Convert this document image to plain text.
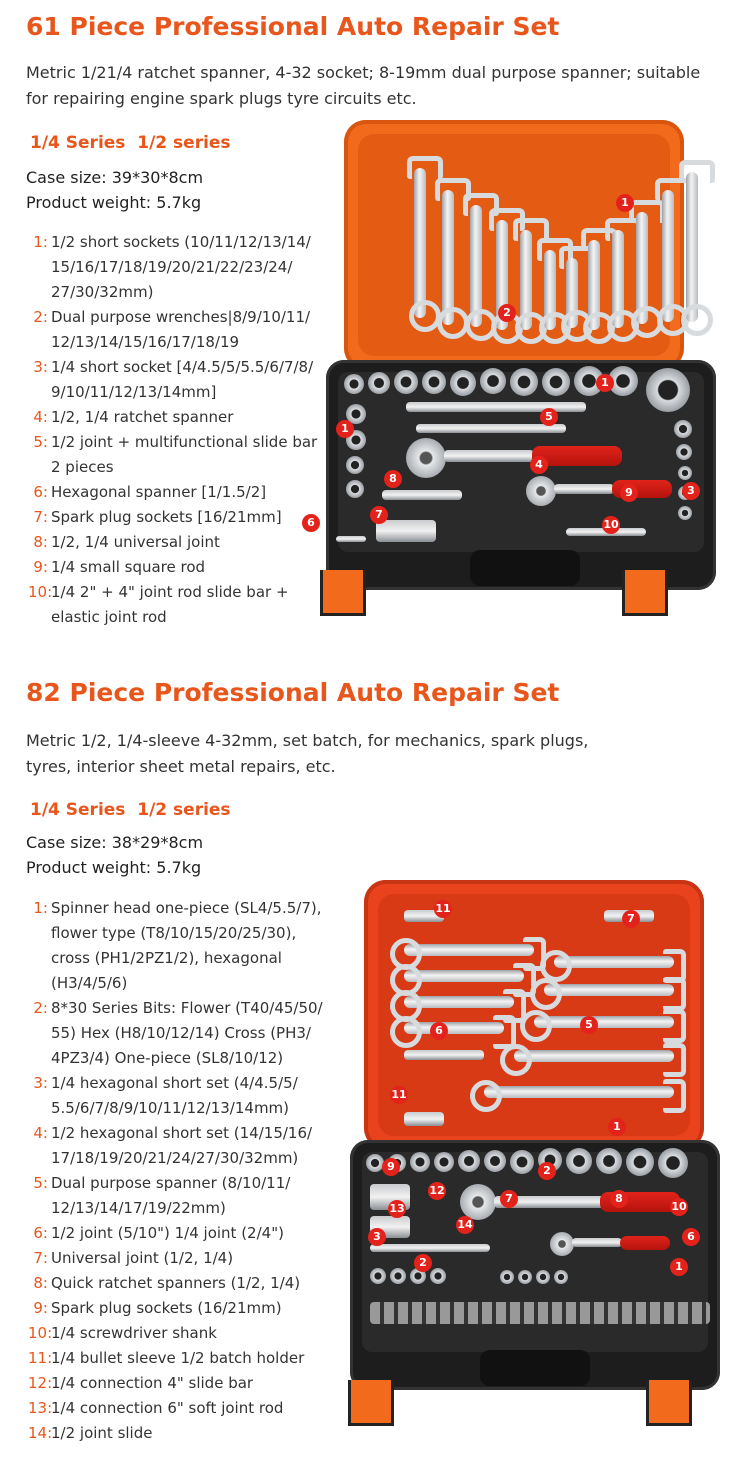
61 Piece Professional Auto Repair Set
Metric 1/21/4 ratchet spanner, 4-32 socket; 8-19mm dual purpose spanner; suitable for repairing engine spark plugs tyre circuits etc.
1/4 Series  1/2 series
Case size: 39*30*8cm
Product weight: 5.7kg
1: 1/2 short sockets (10/11/12/13/14/ 15/16/17/18/19/20/21/22/23/24/ 27/30/32mm)
2: Dual purpose wrenches|8/9/10/11/ 12/13/14/15/16/17/18/19
3: 1/4 short socket [4/4.5/5/5.5/6/7/8/ 9/10/11/12/13/14mm]
4: 1/2, 1/4 ratchet spanner
5: 1/2 joint + multifunctional slide bar 2 pieces
6: Hexagonal spanner [1/1.5/2]
7: Spark plug sockets [16/21mm]
8: 1/2, 1/4 universal joint
9: 1/4 small square rod
10:
1/4 2" + 4" joint rod slide bar + elastic joint rod
1
2
1
1
5
4
8
9	3
7
6	10
82 Piece Professional Auto Repair Set
Metric 1/2, 1/4-sleeve 4-32mm, set batch, for mechanics, spark plugs, tyres, interior sheet metal repairs, etc.
1/4 Series  1/2 series
Case size: 38*29*8cm
Product weight: 5.7kg
1: Spinner head one-piece (SL4/5.5/7), flower type (T8/10/15/20/25/30), cross (PH1/2PZ1/2), hexagonal (H3/4/5/6)
2: 8*30 Series Bits: Flower (T40/45/50/ 55) Hex (H8/10/12/14) Cross (PH3/ 4PZ3/4) One-piece (SL8/10/12)
3: 1/4 hexagonal short set (4/4.5/5/ 5.5/6/7/8/9/10/11/12/13/14mm)
4: 1/2 hexagonal short set (14/15/16/ 17/18/19/20/21/24/27/30/32mm)
5: Dual purpose spanner (8/10/11/ 12/13/14/17/19/22mm)
6: 1/2 joint (5/10") 1/4 joint (2/4")
7: Universal joint (1/2, 1/4)
8: Quick ratchet spanners (1/2, 1/4)
9: Spark plug sockets (16/21mm)
10:
1/4 screwdriver shank
11:
1/4 bullet sleeve 1/2 batch holder
12:
1/4 connection 4" slide bar
13:
1/4 connection 6" soft joint rod
14:
1/2 joint slide
11
7
6	5
11
1
9	2
12
7	8
10
13
14
3	6
2	1
